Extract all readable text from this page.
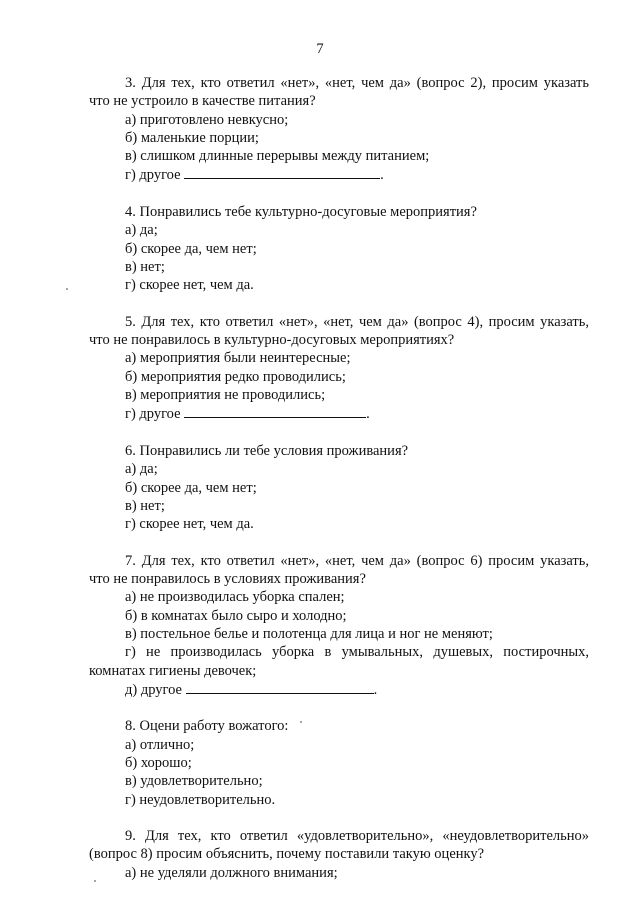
7
3. Для тех, кто ответил «нет», «нет, чем да» (вопрос 2), просим указать
что не устроило в качестве питания?
а) приготовлено невкусно;
б) маленькие порции;
в) слишком длинные перерывы между питанием;
г) другое	.
4. Понравились тебе культурно-досуговые мероприятия?
а) да;
б) скорее да, чем нет;
в) нет;
г) скорее нет, чем да.
5. Для тех, кто ответил «нет», «нет, чем да» (вопрос 4), просим указать,
что не понравилось в культурно-досуговых мероприятиях?
а) мероприятия были неинтересные;
б) мероприятия редко проводились;
в) мероприятия не проводились;
г) другое	.
6. Понравились ли тебе условия проживания?
а) да;
б) скорее да, чем нет;
в) нет;
г) скорее нет, чем да.
7. Для тех, кто ответил «нет», «нет, чем да» (вопрос 6) просим указать,
что не понравилось в условиях проживания?
а) не производилась уборка спален;
б) в комнатах было сыро и холодно;
в) постельное белье и полотенца для лица и ног не меняют;
г) не производилась уборка в умывальных, душевых, постирочных,
комнатах гигиены девочек;
д) другое	.
8. Оцени работу вожатого:
а) отлично;
б) хорошо;
в) удовлетворительно;
г) неудовлетворительно.
9. Для тех, кто ответил «удовлетворительно», «неудовлетворительно»
(вопрос 8) просим объяснить, почему поставили такую оценку?
а) не уделяли должного внимания;
